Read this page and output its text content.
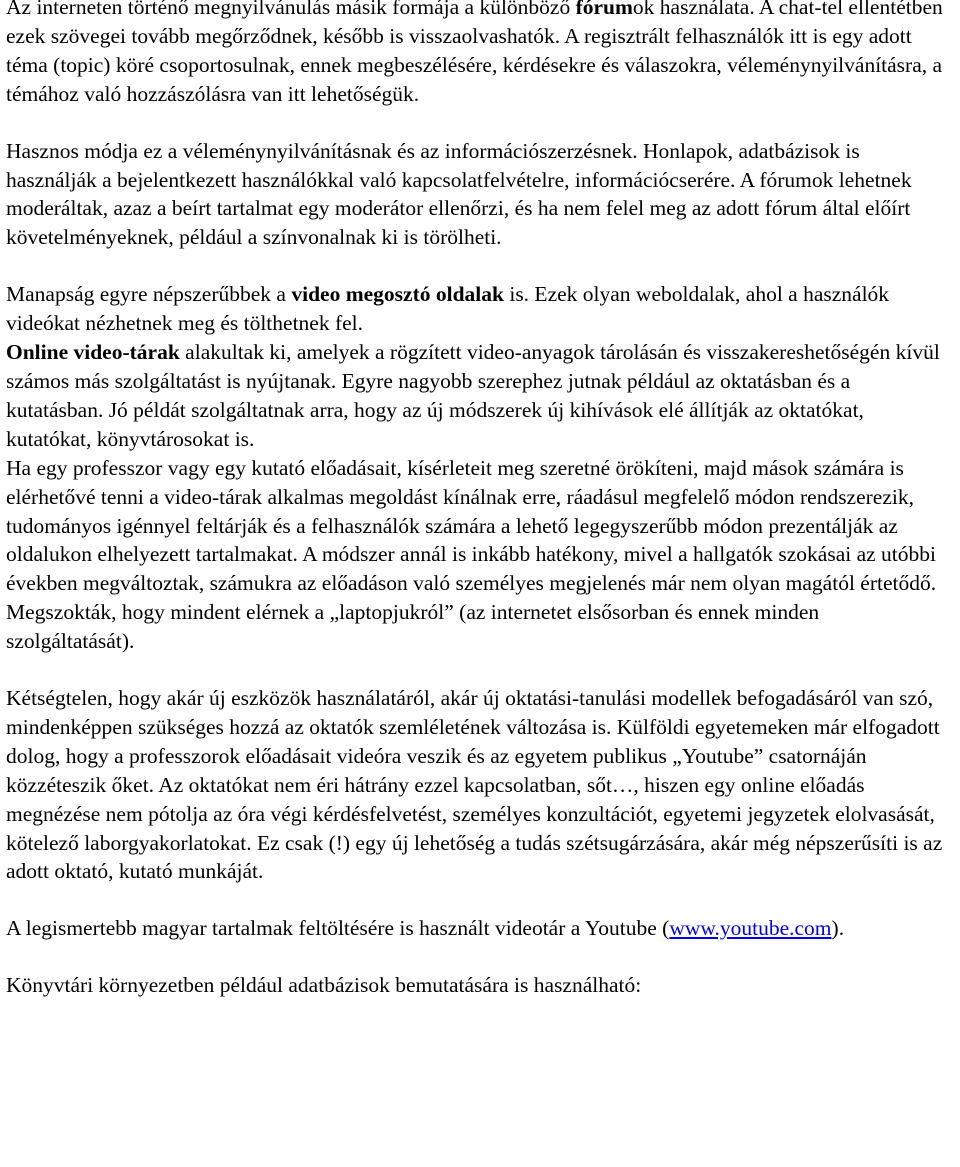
Az interneten történő megnyilvánulás másik formája a különböző fórumok használata. A chat-tel ellentétben ezek szövegei tovább megőrződnek, később is visszaolvashatók. A regisztrált felhasználók itt is egy adott téma (topic) köré csoportosulnak, ennek megbeszélésére, kérdésekre és válaszokra, véleménynyilvánításra, a témához való hozzászólásra van itt lehetőségük.

Hasznos módja ez a véleménynyilvánításnak és az információszerzésnek. Honlapok, adatbázisok is használják a bejelentkezett használókkal való kapcsolatfelvételre, információcserére. A fórumok lehetnek moderáltak, azaz a beírt tartalmat egy moderátor ellenőrzi, és ha nem felel meg az adott fórum által előírt követelményeknek, például a színvonalnak ki is törölheti.

Manapság egyre népszerűbbek a video megosztó oldalak is. Ezek olyan weboldalak, ahol a használók videókat nézhetnek meg és tölthetnek fel.

Online video-tárak alakultak ki, amelyek a rögzített video-anyagok tárolásán és visszakereshetőségén kívül számos más szolgáltatást is nyújtanak. Egyre nagyobb szerephez jutnak például az oktatásban és a kutatásban. Jó példát szolgáltatnak arra, hogy az új módszerek új kihívások elé állítják az oktatókat, kutatókat, könyvtárosokat is.

Ha egy professzor vagy egy kutató előadásait, kísérleteit meg szeretné örökíteni, majd mások számára is elérhetővé tenni a video-tárak alkalmas megoldást kínálnak erre, ráadásul megfelelő módon rendszerezik, tudományos igénnyel feltárják és a felhasználók számára a lehető legegyszerűbb módon prezentálják az oldalukon elhelyezett tartalmakat. A módszer annál is inkább hatékony, mivel a hallgatók szokásai az utóbbi években megváltoztak, számukra az előadáson való személyes megjelenés már nem olyan magától értetődő. Megszokták, hogy mindent elérnek a „laptopjukról” (az internetet elsősorban és ennek minden szolgáltatását).

Kétségtelen, hogy akár új eszközök használatáról, akár új oktatási-tanulási modellek befogadásáról van szó, mindenképpen szükséges hozzá az oktatók szemléletének változása is. Külföldi egyetemeken már elfogadott dolog, hogy a professzorok előadásait videóra veszik és az egyetem publikus „Youtube” csatornáján közzéteszik őket. Az oktatókat nem éri hátrány ezzel kapcsolatban, sőt…, hiszen egy online előadás megnézése nem pótolja az óra végi kérdésfelvetést, személyes konzultációt, egyetemi jegyzetek elolvasását, kötelező laborgyakorlatokat. Ez csak (!) egy új lehetőség a tudás szétsugárzására, akár még népszerűsíti is az adott oktató, kutató munkáját.

A legismertebb magyar tartalmak feltöltésére is használt videotár a Youtube (www.youtube.com).

Könyvtári környezetben például adatbázisok bemutatására is használható:
